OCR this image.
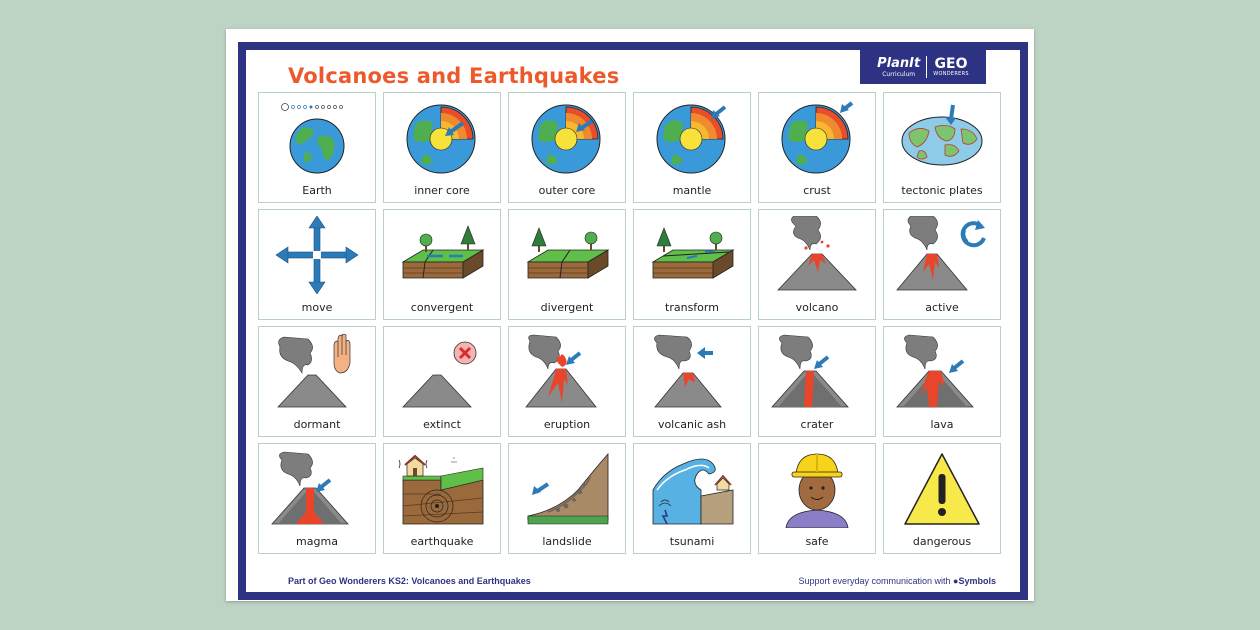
Volcanoes and Earthquakes
PlanIt
Curriculum
GEO
WONDERERS
Earth	inner core	outer core	mantle	crust	tectonic plates
move	convergent	divergent	transform	volcano	active
dormant	extinct	eruption	volcanic ash	crater	lava
magma	earthquake	landslide	tsunami	safe	dangerous
Part of Geo Wonderers KS2: Volcanoes and Earthquakes	Support everyday communication with ●Symbols
